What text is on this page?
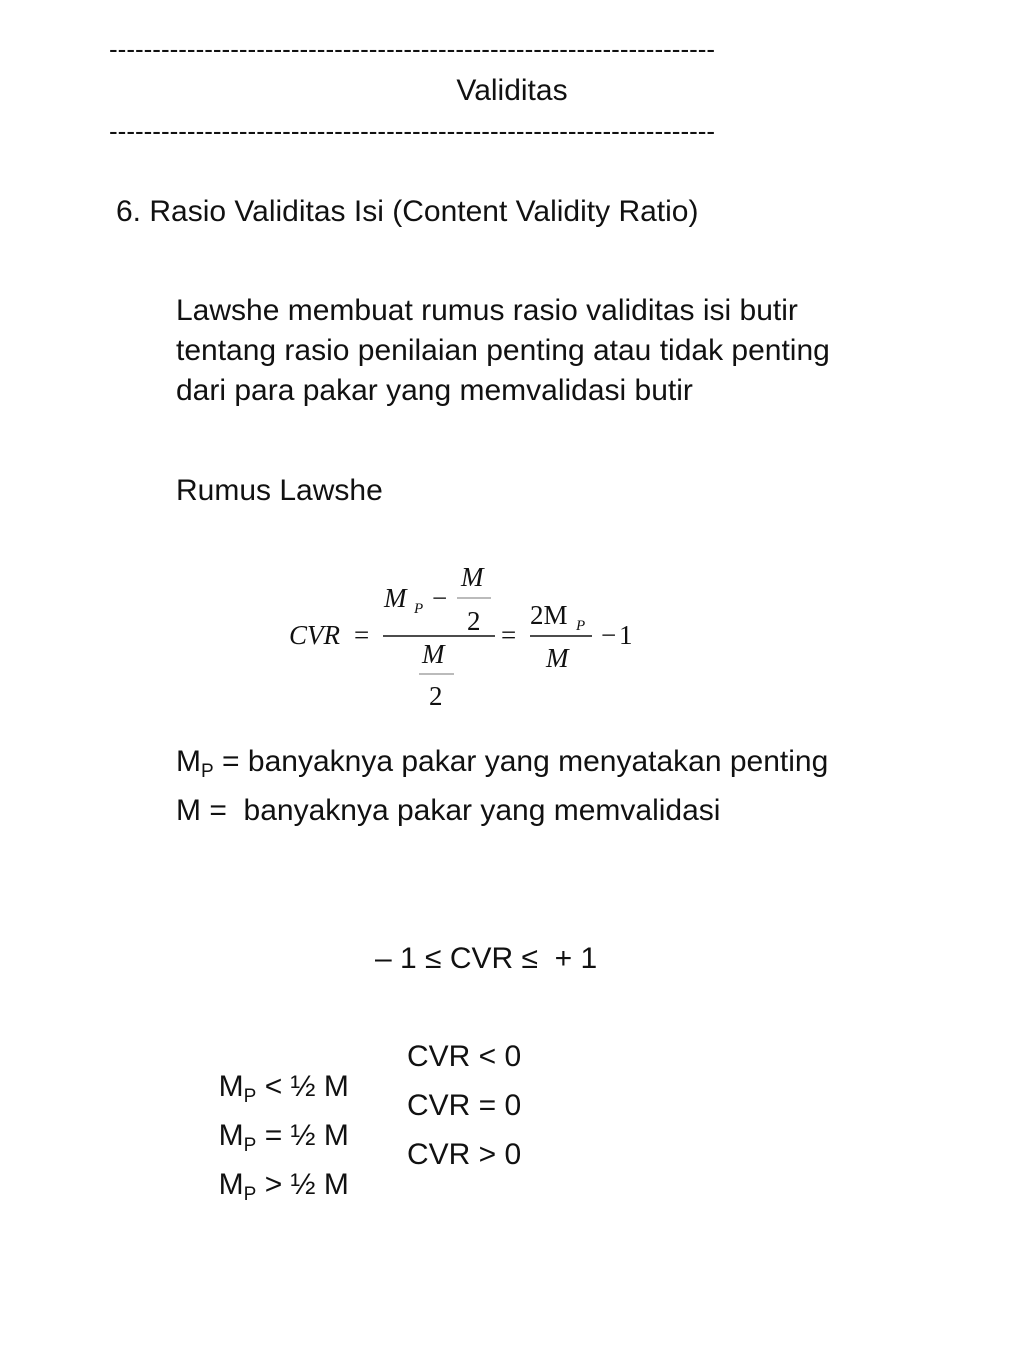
----------------------------------------------------------------------
Validitas
----------------------------------------------------------------------
6. Rasio Validitas Isi (Content Validity Ratio)
Lawshe membuat rumus rasio validitas isi butir
tentang rasio penilaian penting atau tidak penting
dari para pakar yang memvalidasi butir
Rumus Lawshe
CVR =
M P −
M
2
M
2
=
2M P
M
− 1
$M_P$ = banyaknya pakar yang menyatakan penting
M =  banyaknya pakar yang memvalidasi
– 1 ≤ CVR ≤  + 1

$M_P$ < ½ M

CVR < 0

$M_P$ = ½ M

CVR = 0

$M_P$ > ½ M

CVR > 0
